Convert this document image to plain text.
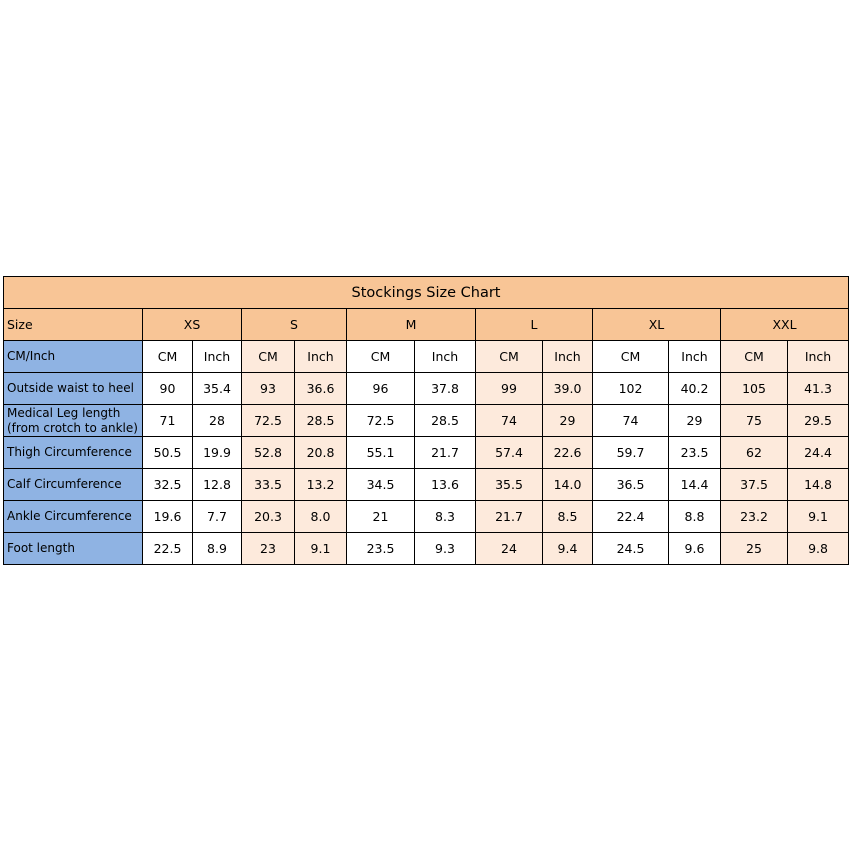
Stockings Size Chart												
Size	XS		S		M		L		XL		XXL	
CM/Inch	CM	Inch	CM	Inch	CM	Inch	CM	Inch	CM	Inch	CM	Inch
Outside waist to heel	90	35.4	93	36.6	96	37.8	99	39.0	102	40.2	105	41.3
Medical Leg length (from crotch to ankle)	71	28	72.5	28.5	72.5	28.5	74	29	74	29	75	29.5
Thigh Circumference	50.5	19.9	52.8	20.8	55.1	21.7	57.4	22.6	59.7	23.5	62	24.4
Calf Circumference	32.5	12.8	33.5	13.2	34.5	13.6	35.5	14.0	36.5	14.4	37.5	14.8
Ankle Circumference	19.6	7.7	20.3	8.0	21	8.3	21.7	8.5	22.4	8.8	23.2	9.1
Foot length	22.5	8.9	23	9.1	23.5	9.3	24	9.4	24.5	9.6	25	9.8
